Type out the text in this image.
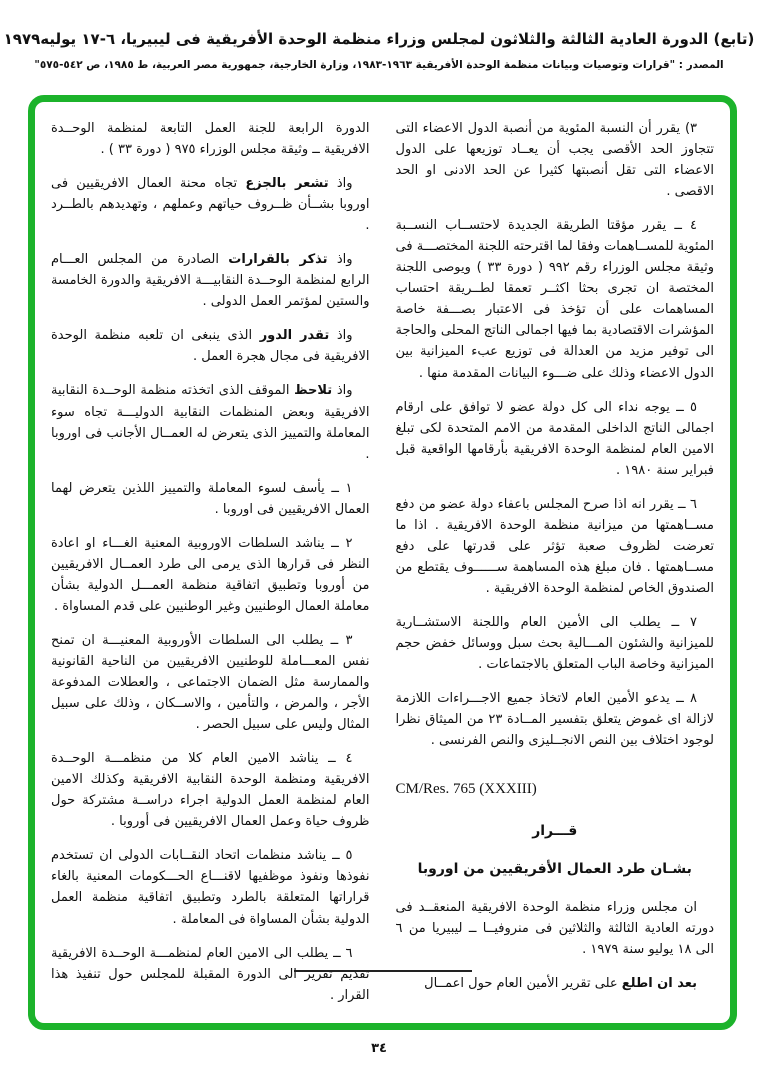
(تابع) الدورة العادية الثالثة والثلاثون لمجلس وزراء منظمة الوحدة الأفريقية فى ليبيريا، ٦-١٧ يوليه١٩٧٩
المصدر : "قرارات وتوصيات وبيانات منظمة الوحدة الأفريقية ١٩٦٣-١٩٨٣، وزارة الخارجية، جمهورية مصر العربية، ط ١٩٨٥، ص ٥٤٢-٥٧٥"

٣) يقرر أن النسبة المئوية من أنصبة الدول الاعضاء التى تتجاوز الحد الأقصى يجب أن يعــاد توزيعها على الدول الاعضاء التى تقل أنصبتها كثيرا عن الحد الادنى او الحد الاقصى .

٤ ــ يقرر مؤقتا الطريقة الجديدة لاحتســاب النســبة المئوية للمســاهمات وفقا لما اقترحته اللجنة المختصـــة فى وثيقة مجلس الوزراء رقم ٩٩٢ ( دورة ٣٣ ) ويوصى اللجنة المختصة ان تجرى بحثا اكثــر تعمقا لطــريقة احتساب المساهمات على أن تؤخذ فى الاعتبار بصـــفة خاصة المؤشرات الاقتصادية بما فيها اجمالى الناتج المحلى والحاجة الى توفير مزيد من العدالة فى توزيع عبء الميزانية بين الدول الاعضاء وذلك على ضـــوء البيانات المقدمة منها .

٥ ــ يوجه نداء الى كل دولة عضو لا توافق على ارقام اجمالى الناتج الداخلى المقدمة من الامم المتحدة لكى تبلغ الامين العام لمنظمة الوحدة الافريقية بأرقامها الواقعية قبل فبراير سنة ١٩٨٠ .

٦ ــ يقرر انه اذا صرح المجلس باعفاء دولة عضو من دفع مســاهمتها من ميزانية منظمة الوحدة الافريقية . اذا ما تعرضت لظروف صعبة تؤثر على قدرتها على دفع مســاهمتها . فان مبلغ هذه المساهمة ســــــوف يقتطع من الصندوق الخاص لمنظمة الوحدة الافريقية .

٧ ــ يطلب الى الأمين العام واللجنة الاستشــارية للميزانية والشئون المـــالية بحث سبل ووسائل خفض حجم الميزانية وخاصة الباب المتعلق بالاجتماعات .

٨ ــ يدعو الأمين العام لاتخاذ جميع الاجـــراءات اللازمة لازالة اى غموض يتعلق بتفسير المــادة ٢٣ من الميثاق نظرا لوجود اختلاف بين النص الانجــليزى والنص الفرنسى .

CM/Res. 765 (XXXIII)

قـــرار

بشـان طرد العمال الأفريقيين من اوروبا

ان مجلس وزراء منظمة الوحدة الافريقية المنعقــد فى دورته العادية الثالثة والثلاثين فى منروفيــا ــ ليبيريا من ٦ الى ١٨ يوليو سنة ١٩٧٩ .

بعد ان اطلع على تقرير الأمين العام حول اعمــال

الدورة الرابعة للجنة العمل التابعة لمنظمة الوحــدة الافريقية ــ وثيقة مجلس الوزراء ٩٧٥ ( دورة ٣٣ ) .

واذ تشعر بالجزع تجاه محنة العمال الافريقيين فى اوروبا بشــأن ظــروف حياتهم وعملهم ، وتهديدهم بالطــرد .

واذ تذكر بالقرارات الصادرة من المجلس العـــام الرابع لمنظمة الوحــدة النقابيـــة الافريقية والدورة الخامسة والستين لمؤتمر العمل الدولى .

واذ تقدر الدور الذى ينبغى ان تلعبه منظمة الوحدة الافريقية فى مجال هجرة العمل .

واذ تلاحظ الموقف الذى اتخذته منظمة الوحــدة النقابية الافريقية وبعض المنظمات النقابية الدوليـــة تجاه سوء المعاملة والتمييز الذى يتعرض له العمــال الأجانب فى اوروبا .

١ ــ يأسف لسوء المعاملة والتمييز اللذين يتعرض لهما العمال الافريقيين فى اوروبا .

٢ ــ يناشد السلطات الاوروبية المعنية الغـــاء او اعادة النظر فى قرارها الذى يرمى الى طرد العمــال الافريقيين من أوروبا وتطبيق اتفاقية منظمة العمـــل الدولية بشأن معاملة العمال الوطنيين وغير الوطنيين على قدم المساواة .

٣ ــ يطلب الى السلطات الأوروبية المعنيـــة ان تمنح نفس المعـــاملة للوطنيين الافريقيين من الناحية القانونية والممارسة مثل الضمان الاجتماعى ، والعطلات المدفوعة الأجر ، والمرض ، والتأمين ، والاســكان ، وذلك على سبيل المثال وليس على سبيل الحصر .

٤ ــ يناشد الامين العام كلا من منظمـــة الوحــدة الافريقية ومنظمة الوحدة النقابية الافريقية وكذلك الامين العام لمنظمة العمل الدولية اجراء دراســة مشتركة حول ظروف حياة وعمل العمال الافريقيين فى أوروبا .

٥ ــ يناشد منظمات اتحاد النقــابات الدولى ان تستخدم نفوذها ونفوذ موظفيها لاقنـــاع الحـــكومات المعنية بالغاء قراراتها المتعلقة بالطرد وتطبيق اتفاقية منظمة العمل الدولية بشأن المساواة فى المعاملة .

٦ ــ يطلب الى الامين العام لمنظمـــة الوحــدة الافريقية تقديم تقرير الى الدورة المقبلة للمجلس حول تنفيذ هذا القرار .

٣٤
